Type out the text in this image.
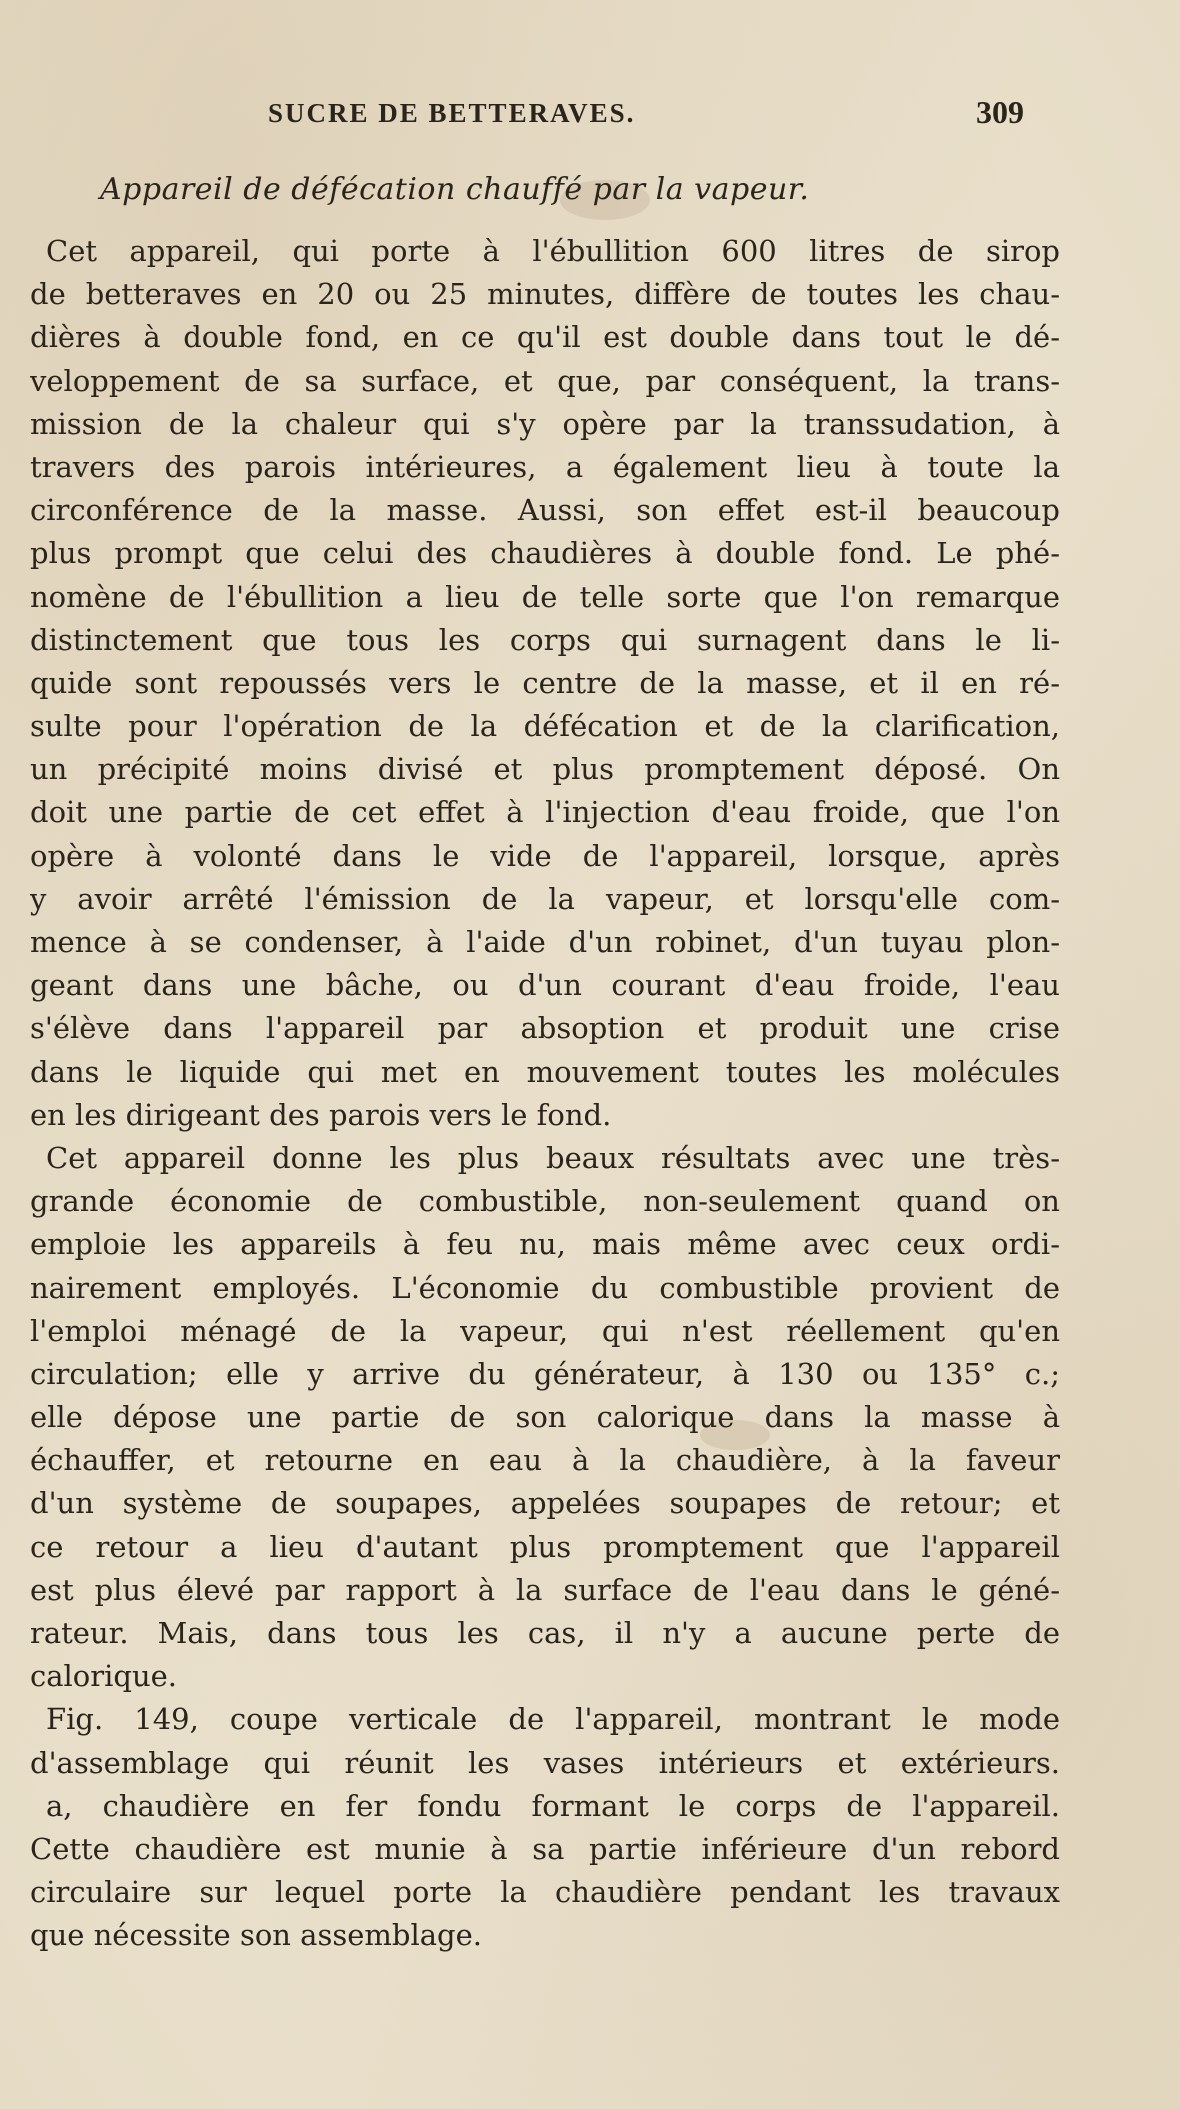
SUCRE DE BETTERAVES.	309
Appareil de défécation chauffé par la vapeur.
Cet appareil, qui porte à l'ébullition 600 litres de sirop
de betteraves en 20 ou 25 minutes, diffère de toutes les chau-
dières à double fond, en ce qu'il est double dans tout le dé-
veloppement de sa surface, et que, par conséquent, la trans-
mission de la chaleur qui s'y opère par la transsudation, à
travers des parois intérieures, a également lieu à toute la
circonférence de la masse. Aussi, son effet est-il beaucoup
plus prompt que celui des chaudières à double fond. Le phé-
nomène de l'ébullition a lieu de telle sorte que l'on remarque
distinctement que tous les corps qui surnagent dans le li-
quide sont repoussés vers le centre de la masse, et il en ré-
sulte pour l'opération de la défécation et de la clarification,
un précipité moins divisé et plus promptement déposé. On
doit une partie de cet effet à l'injection d'eau froide, que l'on
opère à volonté dans le vide de l'appareil, lorsque, après
y avoir arrêté l'émission de la vapeur, et lorsqu'elle com-
mence à se condenser, à l'aide d'un robinet, d'un tuyau plon-
geant dans une bâche, ou d'un courant d'eau froide, l'eau
s'élève dans l'appareil par absoption et produit une crise
dans le liquide qui met en mouvement toutes les molécules
en les dirigeant des parois vers le fond.
Cet appareil donne les plus beaux résultats avec une très-
grande économie de combustible, non-seulement quand on
emploie les appareils à feu nu, mais même avec ceux ordi-
nairement employés. L'économie du combustible provient de
l'emploi ménagé de la vapeur, qui n'est réellement qu'en
circulation; elle y arrive du générateur, à 130 ou 135° c.;
elle dépose une partie de son calorique dans la masse à
échauffer, et retourne en eau à la chaudière, à la faveur
d'un système de soupapes, appelées soupapes de retour; et
ce retour a lieu d'autant plus promptement que l'appareil
est plus élevé par rapport à la surface de l'eau dans le géné-
rateur. Mais, dans tous les cas, il n'y a aucune perte de
calorique.
Fig. 149, coupe verticale de l'appareil, montrant le mode
d'assemblage qui réunit les vases intérieurs et extérieurs.
a, chaudière en fer fondu formant le corps de l'appareil.
Cette chaudière est munie à sa partie inférieure d'un rebord
circulaire sur lequel porte la chaudière pendant les travaux
que nécessite son assemblage.
